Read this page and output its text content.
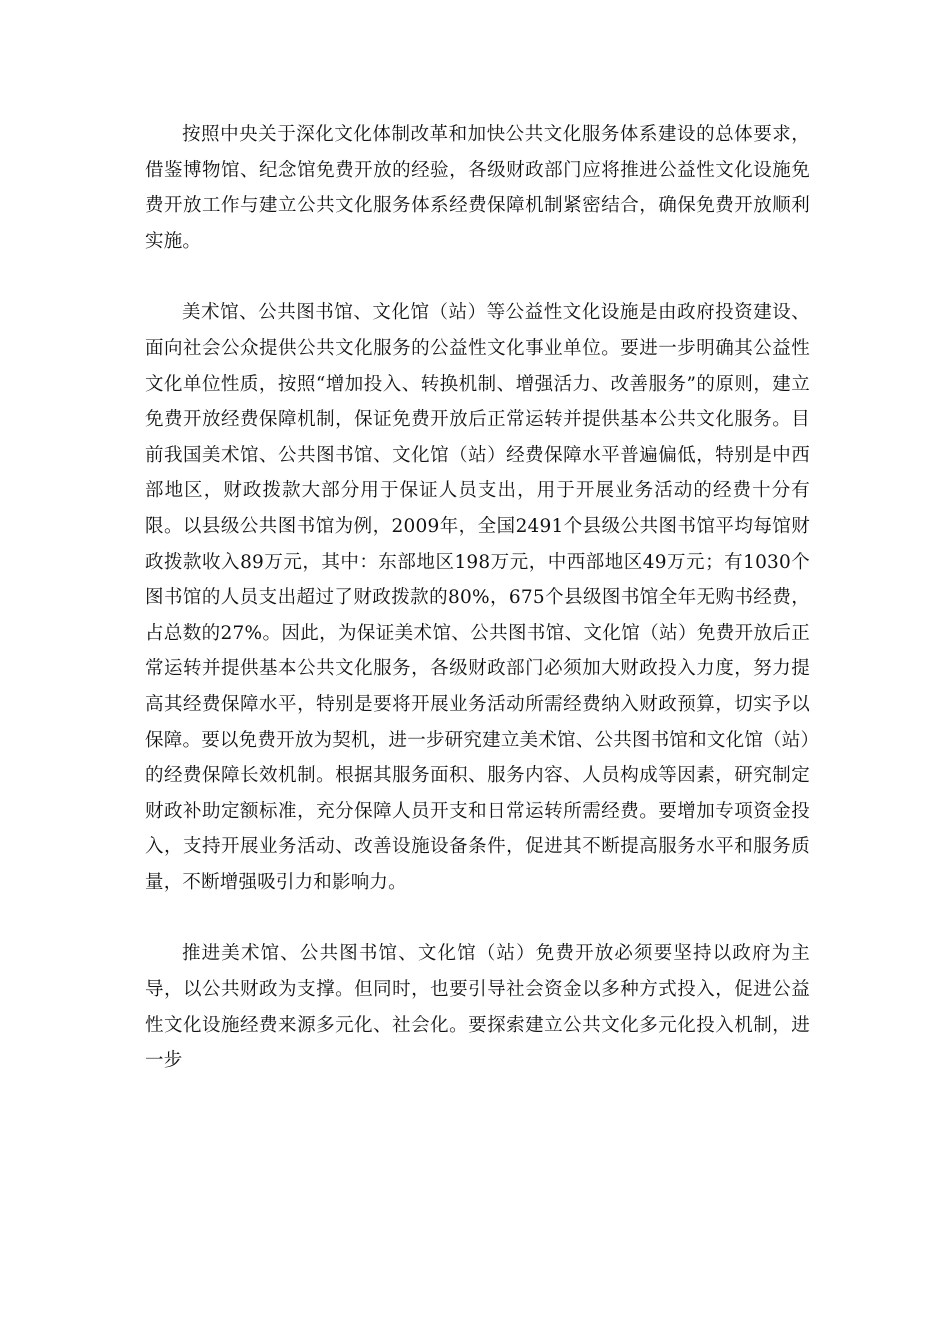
按照中央关于深化文化体制改革和加快公共文化服务体系建设的总体要求，借鉴博物馆、纪念馆免费开放的经验，各级财政部门应将推进公益性文化设施免费开放工作与建立公共文化服务体系经费保障机制紧密结合，确保免费开放顺利实施。

美术馆、公共图书馆、文化馆（站）等公益性文化设施是由政府投资建设、面向社会公众提供公共文化服务的公益性文化事业单位。要进一步明确其公益性文化单位性质，按照“增加投入、转换机制、增强活力、改善服务”的原则，建立免费开放经费保障机制，保证免费开放后正常运转并提供基本公共文化服务。目前我国美术馆、公共图书馆、文化馆（站）经费保障水平普遍偏低，特别是中西部地区，财政拨款大部分用于保证人员支出，用于开展业务活动的经费十分有限。以县级公共图书馆为例，2009年，全国2491个县级公共图书馆平均每馆财政拨款收入89万元，其中：东部地区198万元，中西部地区49万元；有1030个图书馆的人员支出超过了财政拨款的80%，675个县级图书馆全年无购书经费，占总数的27%。因此，为保证美术馆、公共图书馆、文化馆（站）免费开放后正常运转并提供基本公共文化服务，各级财政部门必须加大财政投入力度，努力提高其经费保障水平，特别是要将开展业务活动所需经费纳入财政预算，切实予以保障。要以免费开放为契机，进一步研究建立美术馆、公共图书馆和文化馆（站）的经费保障长效机制。根据其服务面积、服务内容、人员构成等因素，研究制定财政补助定额标准，充分保障人员开支和日常运转所需经费。要增加专项资金投入，支持开展业务活动、改善设施设备条件，促进其不断提高服务水平和服务质量，不断增强吸引力和影响力。

推进美术馆、公共图书馆、文化馆（站）免费开放必须要坚持以政府为主导，以公共财政为支撑。但同时，也要引导社会资金以多种方式投入，促进公益性文化设施经费来源多元化、社会化。要探索建立公共文化多元化投入机制，进一步
